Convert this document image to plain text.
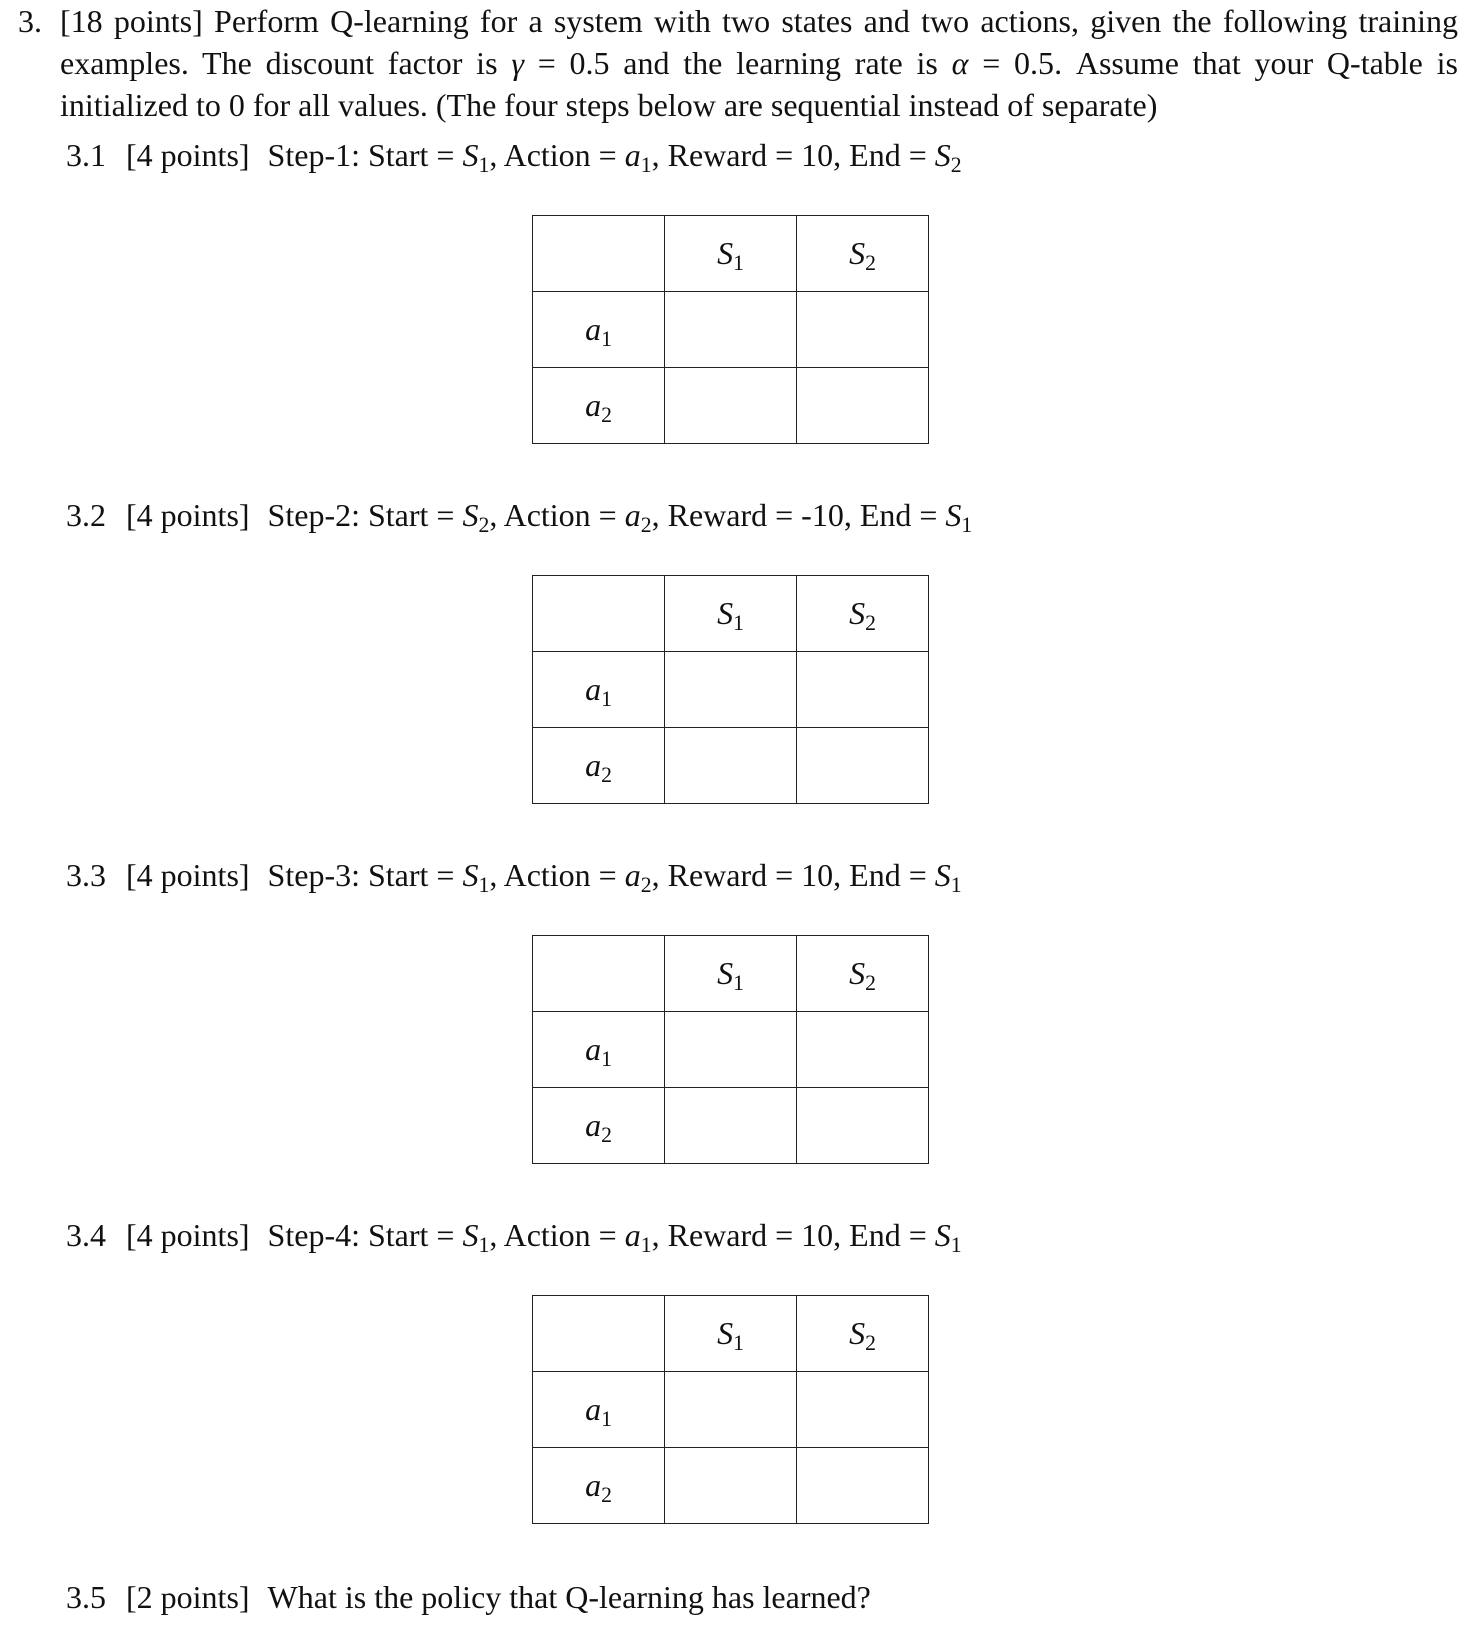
3. [18 points] Perform Q-learning for a system with two states and two actions, given the following training examples. The discount factor is γ = 0.5 and the learning rate is α = 0.5. Assume that your Q-table is initialized to 0 for all values. (The four steps below are sequential instead of separate)
3.1 [4 points] Step-1: Start = $S_1$, Action = $a_1$, Reward = 10, End = $S_2$
	$S_1$	$S_2$
$a_1$		
$a_2$		
3.2 [4 points] Step-2: Start = $S_2$, Action = $a_2$, Reward = -10, End = $S_1$
	$S_1$	$S_2$
$a_1$		
$a_2$		
3.3 [4 points] Step-3: Start = $S_1$, Action = $a_2$, Reward = 10, End = $S_1$
	$S_1$	$S_2$
$a_1$		
$a_2$		
3.4 [4 points] Step-4: Start = $S_1$, Action = $a_1$, Reward = 10, End = $S_1$
	$S_1$	$S_2$
$a_1$		
$a_2$		
3.5 [2 points] What is the policy that Q-learning has learned?
